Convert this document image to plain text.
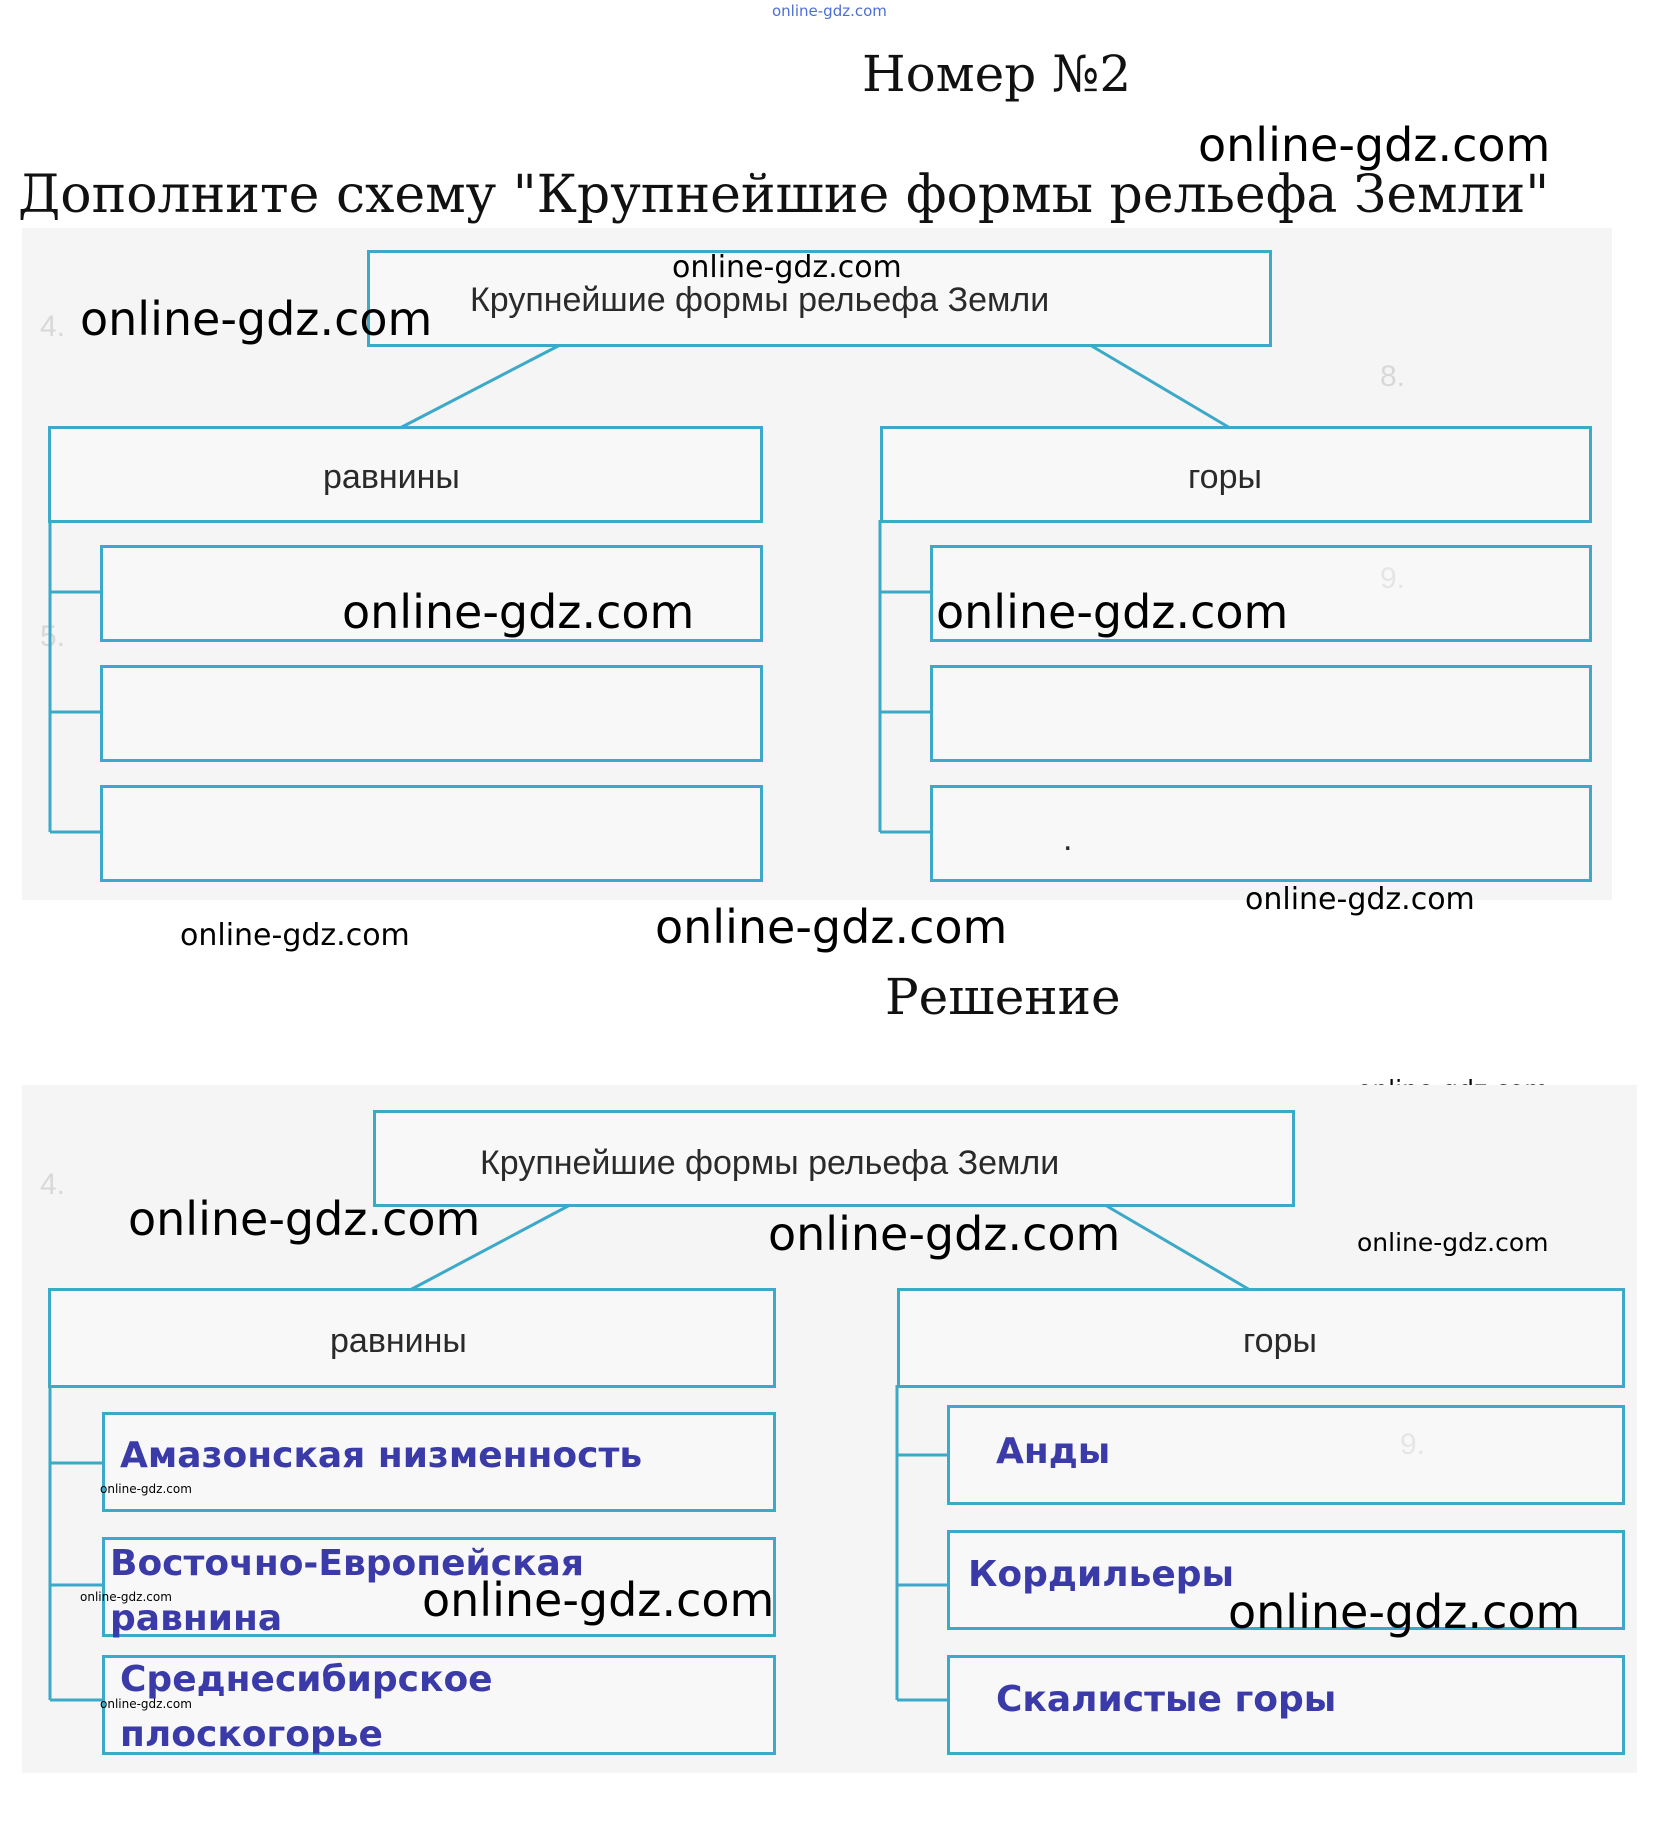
online-gdz.com
Номер №2
online-gdz.com
Дополните схему "Крупнейшие формы рельефа Земли"
4.
8.
9.
5.
Крупнейшие формы рельефа Земли
равнины	горы
.
online-gdz.com
online-gdz.com
online-gdz.com	online-gdz.com
online-gdz.com
online-gdz.com	online-gdz.com
Решение
4.
9.
Крупнейшие формы рельефа Земли
равнины	горы
Амазонская низменность
Восточно-Европейская
равнина
Среднесибирское
плоскогорье
Анды
Кордильеры
Скалистые горы
online-gdz.com	online-gdz.com	online-gdz.com
online-gdz.com
online-gdz.com	online-gdz.com	online-gdz.com
online-gdz.com
